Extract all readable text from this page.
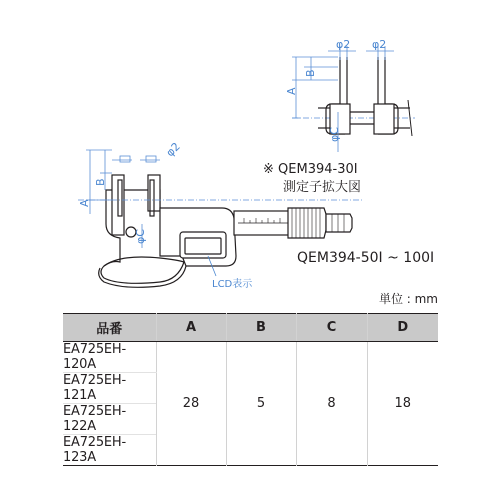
φ2 φ2
A
B
φC
※ QEM394-30I
測定子拡大図
φ2
A
B
φC
LCD表示
QEM394-50I ~ 100I
単位 : mm
品番	A	B	C	D
EA725EH-120A	28	5	8	18
EA725EH-121A				
EA725EH-122A				
EA725EH-123A				
